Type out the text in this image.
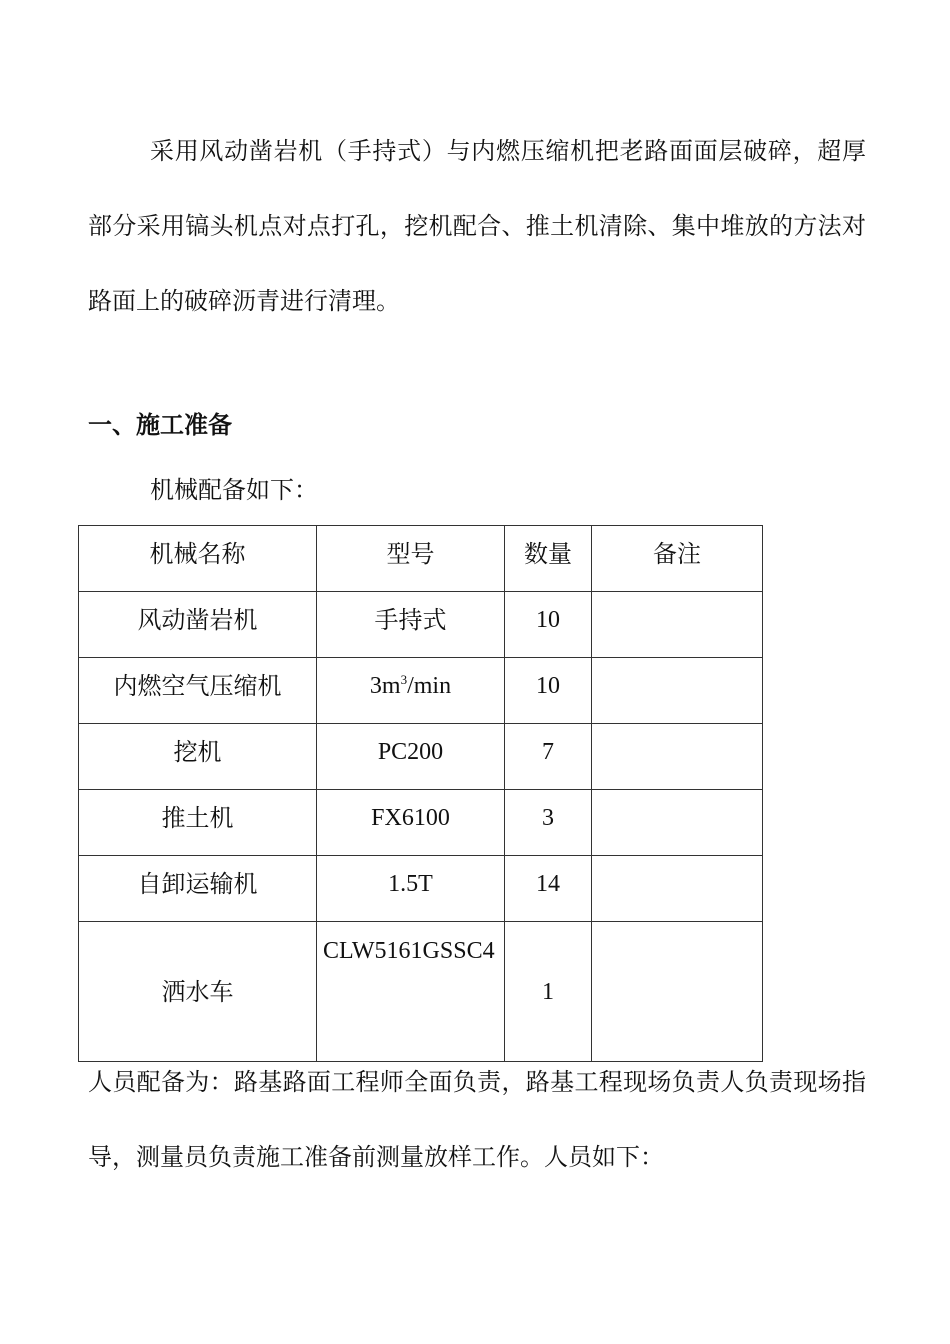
采用风动凿岩机（手持式）与内燃压缩机把老路面面层破碎，超厚部分采用镐头机点对点打孔，挖机配合、推土机清除、集中堆放的方法对路面上的破碎沥青进行清理。

一、施工准备

机械配备如下：

机械名称	型号	数量	备注
风动凿岩机	手持式	10	
内燃空气压缩机	$3m^3/\min$	10	
挖机	PC200	7	
推土机	FX6100	3	
自卸运输机	1.5T	14	
洒水车	CLW5161GSSC4	1	

人员配备为：路基路面工程师全面负责，路基工程现场负责人负责现场指导，测量员负责施工准备前测量放样工作。人员如下：
